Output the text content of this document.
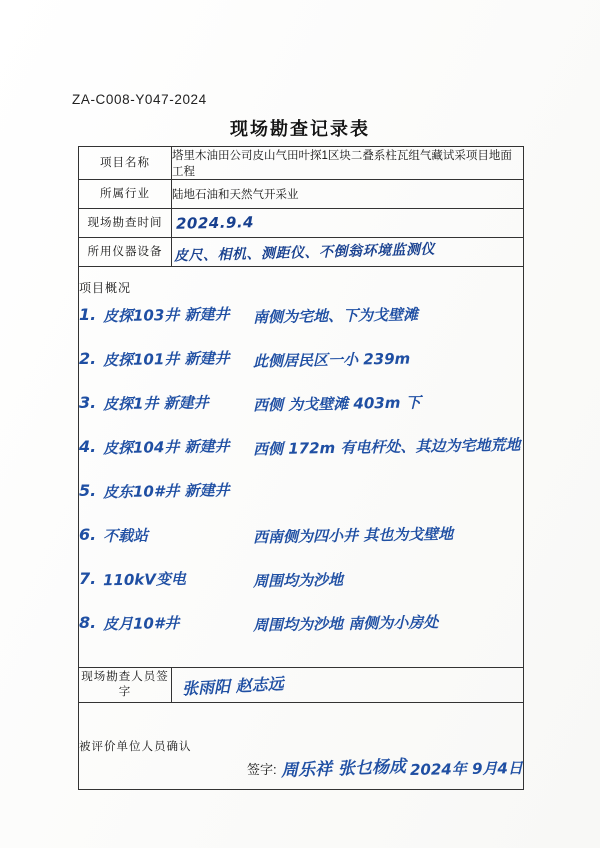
ZA-C008-Y047-2024
现场勘查记录表
项目名称	塔里木油田公司皮山气田叶探1区块二叠系柱瓦组气藏试采项目地面工程
所属行业	陆地石油和天然气开采业
现场勘查时间	2024.9.4
所用仪器设备	皮尺、相机、测距仪、不倒翁环境监测仪

项目概况
1. 皮探103井 新建井	南侧为宅地、下为戈壁滩
2. 皮探101井 新建井	此侧居民区一小 239m
3. 皮探1井 新建井	西侧 为戈壁滩 403m 下
4. 皮探104井 新建井	西侧 172m 有电杆处、其边为宅地荒地
5. 皮东10#井 新建井
6. 不载站	西南侧为四小井 其也为戈壁地
7. 110kV变电	周围均为沙地
8. 皮月10#井	周围均为沙地 南侧为小房处

现场勘查人员签字	张雨阳 赵志远

被评价单位人员确认
签字: 周乐祥 张乜杨成 2024年 9月4日	
